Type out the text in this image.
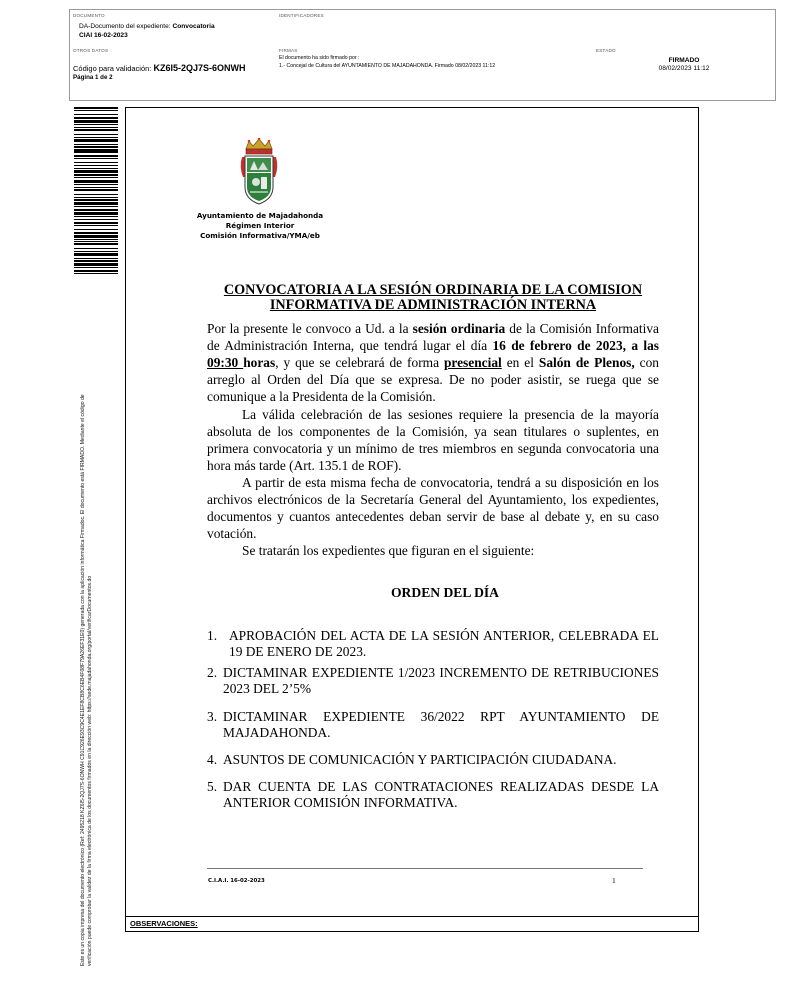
DOCUMENTO
DA-Documento del expediente: Convocatoria
CIAI 16-02-2023
IDENTIFICADORES
OTROS DATOS
Código para validación: KZ6I5-2QJ7S-6ONWH
Página 1 de 2
FIRMAS
El documento ha sido firmado por :
1.- Concejal de Cultura del AYUNTAMIENTO DE MAJADAHONDA. Firmado 08/02/2023 11:12
ESTADO
FIRMADO
08/02/2023 11:12
Este es un copia impresa del documento electrónico (Ref: 2495218 KZ6I5-2QJ7S-6ONWH C91C926E93C9C4E1EF8CB8C6EB4F08F79A26EF31E0) generada con la aplicación informática Firmadoc. El documento está FIRMADO. Mediante el código de verificación puede comprobar la validez de la firma electrónica de los documentos firmados en la dirección web: https://sede.majadahonda.org/portal/verificarDocumentos.do	OBSERVACIONES:
Ayuntamiento de Majadahonda
Régimen Interior
Comisión Informativa/YMA/eb
CONVOCATORIA A LA SESIÓN ORDINARIA DE LA COMISION
INFORMATIVA DE ADMINISTRACIÓN INTERNA
Por la presente le convoco a Ud. a la sesión ordinaria de la Comisión Informativa de Administración Interna, que tendrá lugar el día 16 de febrero de 2023, a las 09:30 horas, y que se celebrará de forma presencial en el Salón de Plenos, con arreglo al Orden del Día que se expresa. De no poder asistir, se ruega que se comunique a la Presidenta de la Comisión.
La válida celebración de las sesiones requiere la presencia de la mayoría absoluta de los componentes de la Comisión, ya sean titulares o suplentes, en primera convocatoria y un mínimo de tres miembros en segunda convocatoria una hora más tarde (Art. 135.1 de ROF).
A partir de esta misma fecha de convocatoria, tendrá a su disposición en los archivos electrónicos de la Secretaría General del Ayuntamiento, los expedientes, documentos y cuantos antecedentes deban servir de base al debate y, en su caso votación.
Se tratarán los expedientes que figuran en el siguiente:
ORDEN DEL DÍA
1. APROBACIÓN DEL ACTA DE LA SESIÓN ANTERIOR, CELEBRADA EL 19 DE ENERO DE 2023.
2. DICTAMINAR EXPEDIENTE 1/2023 INCREMENTO DE RETRIBUCIONES 2023 DEL 2’5%
3. DICTAMINAR EXPEDIENTE 36/2022 RPT AYUNTAMIENTO DE MAJADAHONDA.
4. ASUNTOS DE COMUNICACIÓN Y PARTICIPACIÓN CIUDADANA.
5. DAR CUENTA DE LAS CONTRATACIONES REALIZADAS DESDE LA ANTERIOR COMISIÓN INFORMATIVA.
C.I.A.I. 16-02-2023	1
